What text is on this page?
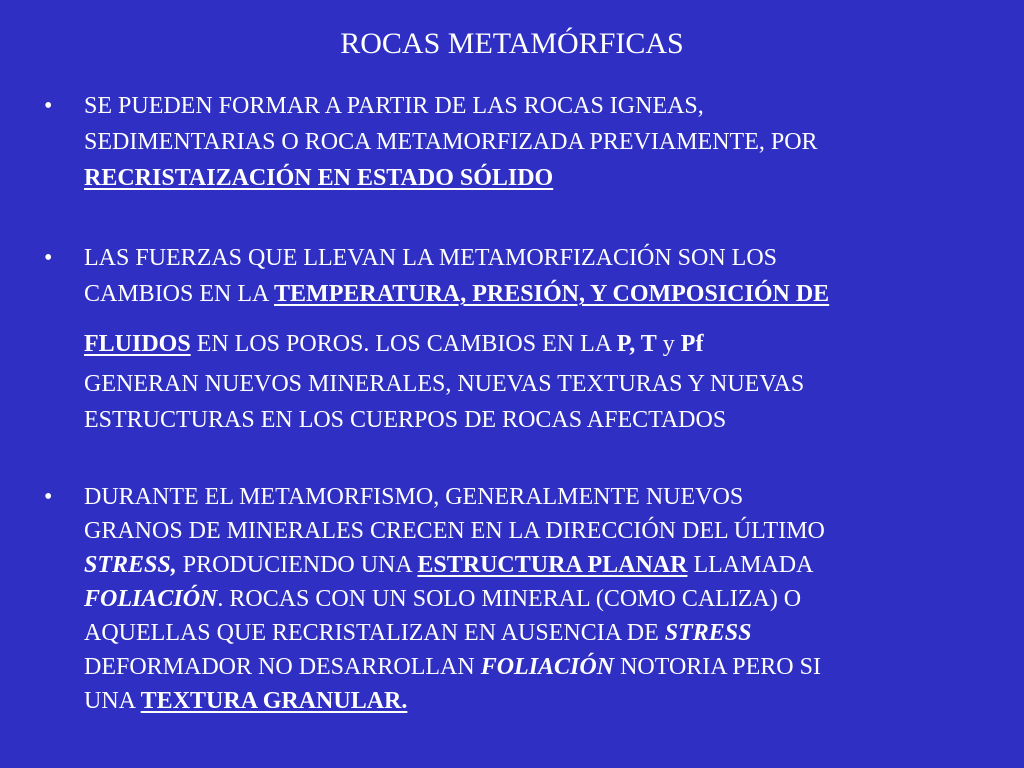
ROCAS METAMÓRFICAS
•	SE PUEDEN FORMAR A PARTIR DE LAS ROCAS IGNEAS,
SEDIMENTARIAS O ROCA METAMORFIZADA PREVIAMENTE, POR
RECRISTAIZACIÓN EN ESTADO SÓLIDO
•	LAS FUERZAS QUE LLEVAN LA METAMORFIZACIÓN SON LOS
CAMBIOS EN LA TEMPERATURA, PRESIÓN, Y COMPOSICIÓN DE
FLUIDOS EN LOS POROS. LOS CAMBIOS EN LA P, T y Pf
GENERAN NUEVOS MINERALES, NUEVAS TEXTURAS Y NUEVAS
ESTRUCTURAS EN LOS CUERPOS DE ROCAS AFECTADOS
•	DURANTE EL METAMORFISMO, GENERALMENTE NUEVOS
GRANOS DE MINERALES CRECEN EN LA DIRECCIÓN DEL ÚLTIMO
STRESS, PRODUCIENDO UNA ESTRUCTURA PLANAR LLAMADA
FOLIACIÓN. ROCAS CON UN SOLO MINERAL (COMO CALIZA) O
AQUELLAS QUE RECRISTALIZAN EN AUSENCIA DE STRESS
DEFORMADOR NO DESARROLLAN FOLIACIÓN NOTORIA PERO SI
UNA TEXTURA GRANULAR.
